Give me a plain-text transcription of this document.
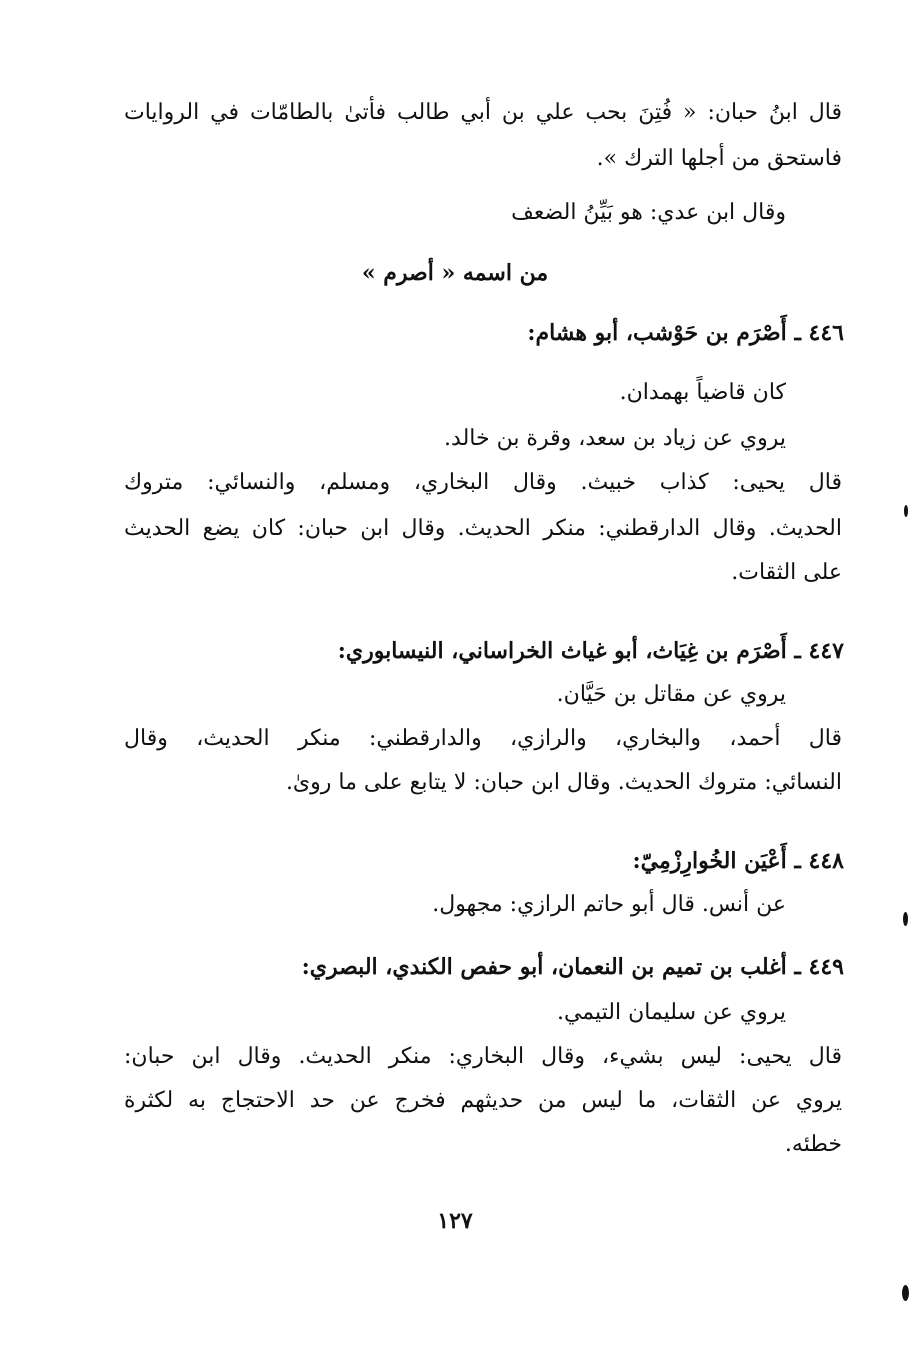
قال ابنُ حبان: « فُتِنَ بحب علي بن أبي طالب فأتىٰ بالطامّات في الروايات
فاستحق من أجلها الترك ».
وقال ابن عدي: هو بَيِّنُ الضعف
من اسمه « أصرم »
٤٤٦ ـ أَصْرَم بن حَوْشب، أبو هشام:
كان قاضياً بهمدان.
يروي عن زياد بن سعد، وقرة بن خالد.
قال يحيى: كذاب خبيث. وقال البخاري، ومسلم، والنسائي: متروك
الحديث. وقال الدارقطني: منكر الحديث. وقال ابن حبان: كان يضع الحديث
على الثقات.
٤٤٧ ـ أَصْرَم بن غِيَاث، أبو غياث الخراساني، النيسابوري:
يروي عن مقاتل بن حَيَّان.
قال أحمد، والبخاري، والرازي، والدارقطني: منكر الحديث، وقال
النسائي: متروك الحديث. وقال ابن حبان: لا يتابع على ما روىٰ.
٤٤٨ ـ أَعْيَن الخُوارِزْمِيّ:
عن أنس. قال أبو حاتم الرازي: مجهول.
٤٤٩ ـ أغلب بن تميم بن النعمان، أبو حفص الكندي، البصري:
يروي عن سليمان التيمي.
قال يحيى: ليس بشيء، وقال البخاري: منكر الحديث. وقال ابن حبان:
يروي عن الثقات، ما ليس من حديثهم فخرج عن حد الاحتجاج به لكثرة
خطئه.
١٢٧
